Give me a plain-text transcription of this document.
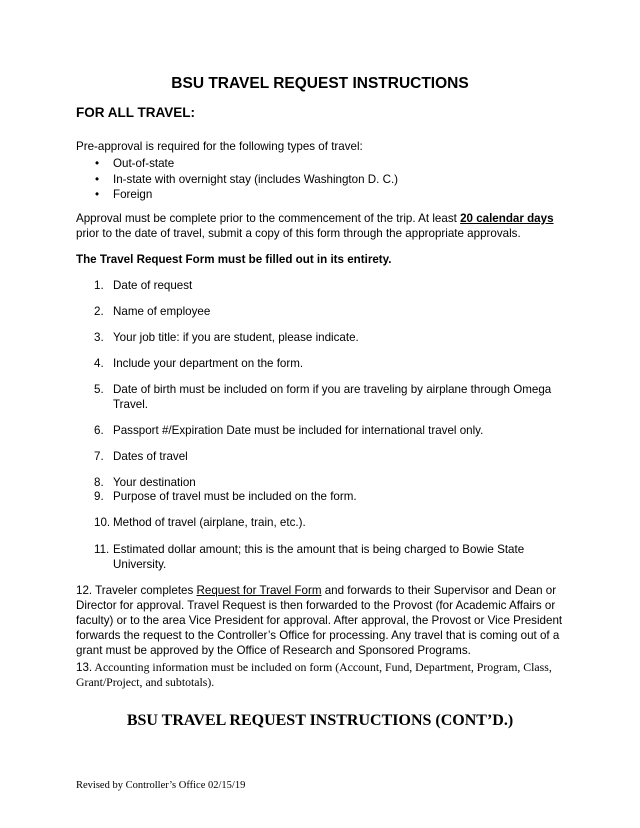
BSU TRAVEL REQUEST INSTRUCTIONS
FOR ALL TRAVEL:
Pre-approval is required for the following types of travel:
• Out-of-state
• In-state with overnight stay (includes Washington D. C.)
• Foreign
Approval must be complete prior to the commencement of the trip. At least 20 calendar days prior to the date of travel, submit a copy of this form through the appropriate approvals.
The Travel Request Form must be filled out in its entirety.
1. Date of request
2. Name of employee
3. Your job title: if you are student, please indicate.
4. Include your department on the form.
5. Date of birth must be included on form if you are traveling by airplane through Omega Travel.
6. Passport #/Expiration Date must be included for international travel only.
7. Dates of travel
8. Your destination
9. Purpose of travel must be included on the form.
10. Method of travel (airplane, train, etc.).
11. Estimated dollar amount; this is the amount that is being charged to Bowie State University.
12. Traveler completes Request for Travel Form and forwards to their Supervisor and Dean or Director for approval. Travel Request is then forwarded to the Provost (for Academic Affairs or faculty) or to the area Vice President for approval. After approval, the Provost or Vice President forwards the request to the Controller’s Office for processing. Any travel that is coming out of a grant must be approved by the Office of Research and Sponsored Programs.
13. Accounting information must be included on form (Account, Fund, Department, Program, Class, Grant/Project, and subtotals).
BSU TRAVEL REQUEST INSTRUCTIONS (CONT’D.)
Revised by Controller’s Office 02/15/19
